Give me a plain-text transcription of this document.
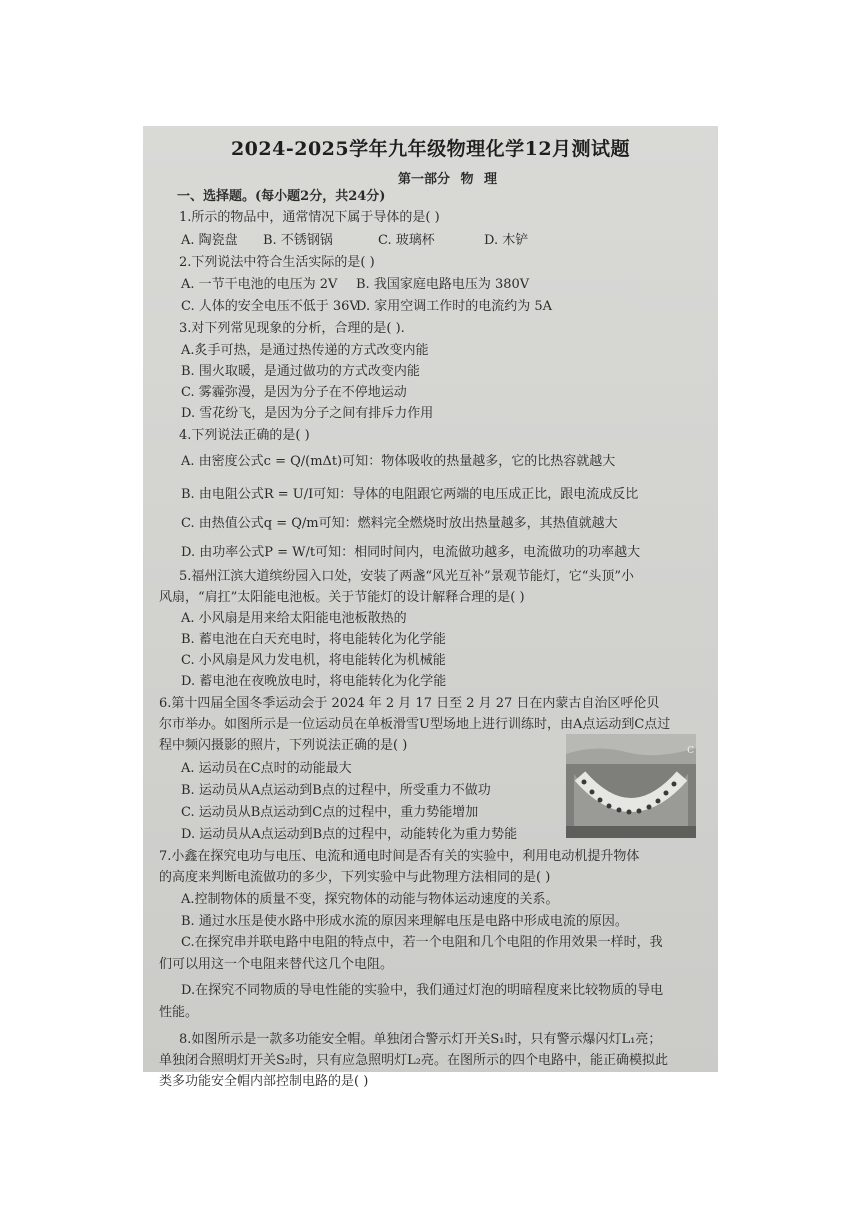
2024-2025学年九年级物理化学12月测试题
第一部分 物 理
一、选择题。(每小题2分，共24分)
1.所示的物品中，通常情况下属于导体的是( )
A. 陶瓷盘 B. 不锈钢锅	C. 玻璃杯	D. 木铲
2.下列说法中符合生活实际的是( )
A. 一节干电池的电压为 2V B. 我国家庭电路电压为 380V
C. 人体的安全电压不低于 36VD. 家用空调工作时的电流约为 5A
3.对下列常见现象的分析，合理的是( ).
A.炙手可热，是通过热传递的方式改变内能
B. 围火取暖，是通过做功的方式改变内能
C. 雾霾弥漫，是因为分子在不停地运动
D. 雪花纷飞，是因为分子之间有排斥力作用
4.下列说法正确的是( )
A. 由密度公式c = Q/(mΔt)可知：物体吸收的热量越多，它的比热容就越大
B. 由电阻公式R = U/I可知：导体的电阻跟它两端的电压成正比，跟电流成反比
C. 由热值公式q = Q/m可知：燃料完全燃烧时放出热量越多，其热值就越大
D. 由功率公式P = W/t可知：相同时间内，电流做功越多，电流做功的功率越大
5.福州江滨大道缤纷园入口处，安装了两盏“风光互补”景观节能灯，它“头顶”小
风扇，“肩扛”太阳能电池板。关于节能灯的设计解释合理的是( )
A. 小风扇是用来给太阳能电池板散热的
B. 蓄电池在白天充电时，将电能转化为化学能
C. 小风扇是风力发电机，将电能转化为机械能
D. 蓄电池在夜晚放电时，将电能转化为化学能
6.第十四届全国冬季运动会于 2024 年 2 月 17 日至 2 月 27 日在内蒙古自治区呼伦贝
尔市举办。如图所示是一位运动员在单板滑雪U型场地上进行训练时，由A点运动到C点过
程中频闪摄影的照片，下列说法正确的是( )
A. 运动员在C点时的动能最大
B. 运动员从A点运动到B点的过程中，所受重力不做功
C. 运动员从B点运动到C点的过程中，重力势能增加
D. 运动员从A点运动到B点的过程中，动能转化为重力势能
C
7.小鑫在探究电功与电压、电流和通电时间是否有关的实验中，利用电动机提升物体
的高度来判断电流做功的多少，下列实验中与此物理方法相同的是( )
A.控制物体的质量不变，探究物体的动能与物体运动速度的关系。
B. 通过水压是使水路中形成水流的原因来理解电压是电路中形成电流的原因。
C.在探究串并联电路中电阻的特点中，若一个电阻和几个电阻的作用效果一样时，我
们可以用这一个电阻来替代这几个电阻。
D.在探究不同物质的导电性能的实验中，我们通过灯泡的明暗程度来比较物质的导电
性能。
8.如图所示是一款多功能安全帽。单独闭合警示灯开关S₁时，只有警示爆闪灯L₁亮；
单独闭合照明灯开关S₂时，只有应急照明灯L₂亮。在图所示的四个电路中，能正确模拟此
类多功能安全帽内部控制电路的是( )
